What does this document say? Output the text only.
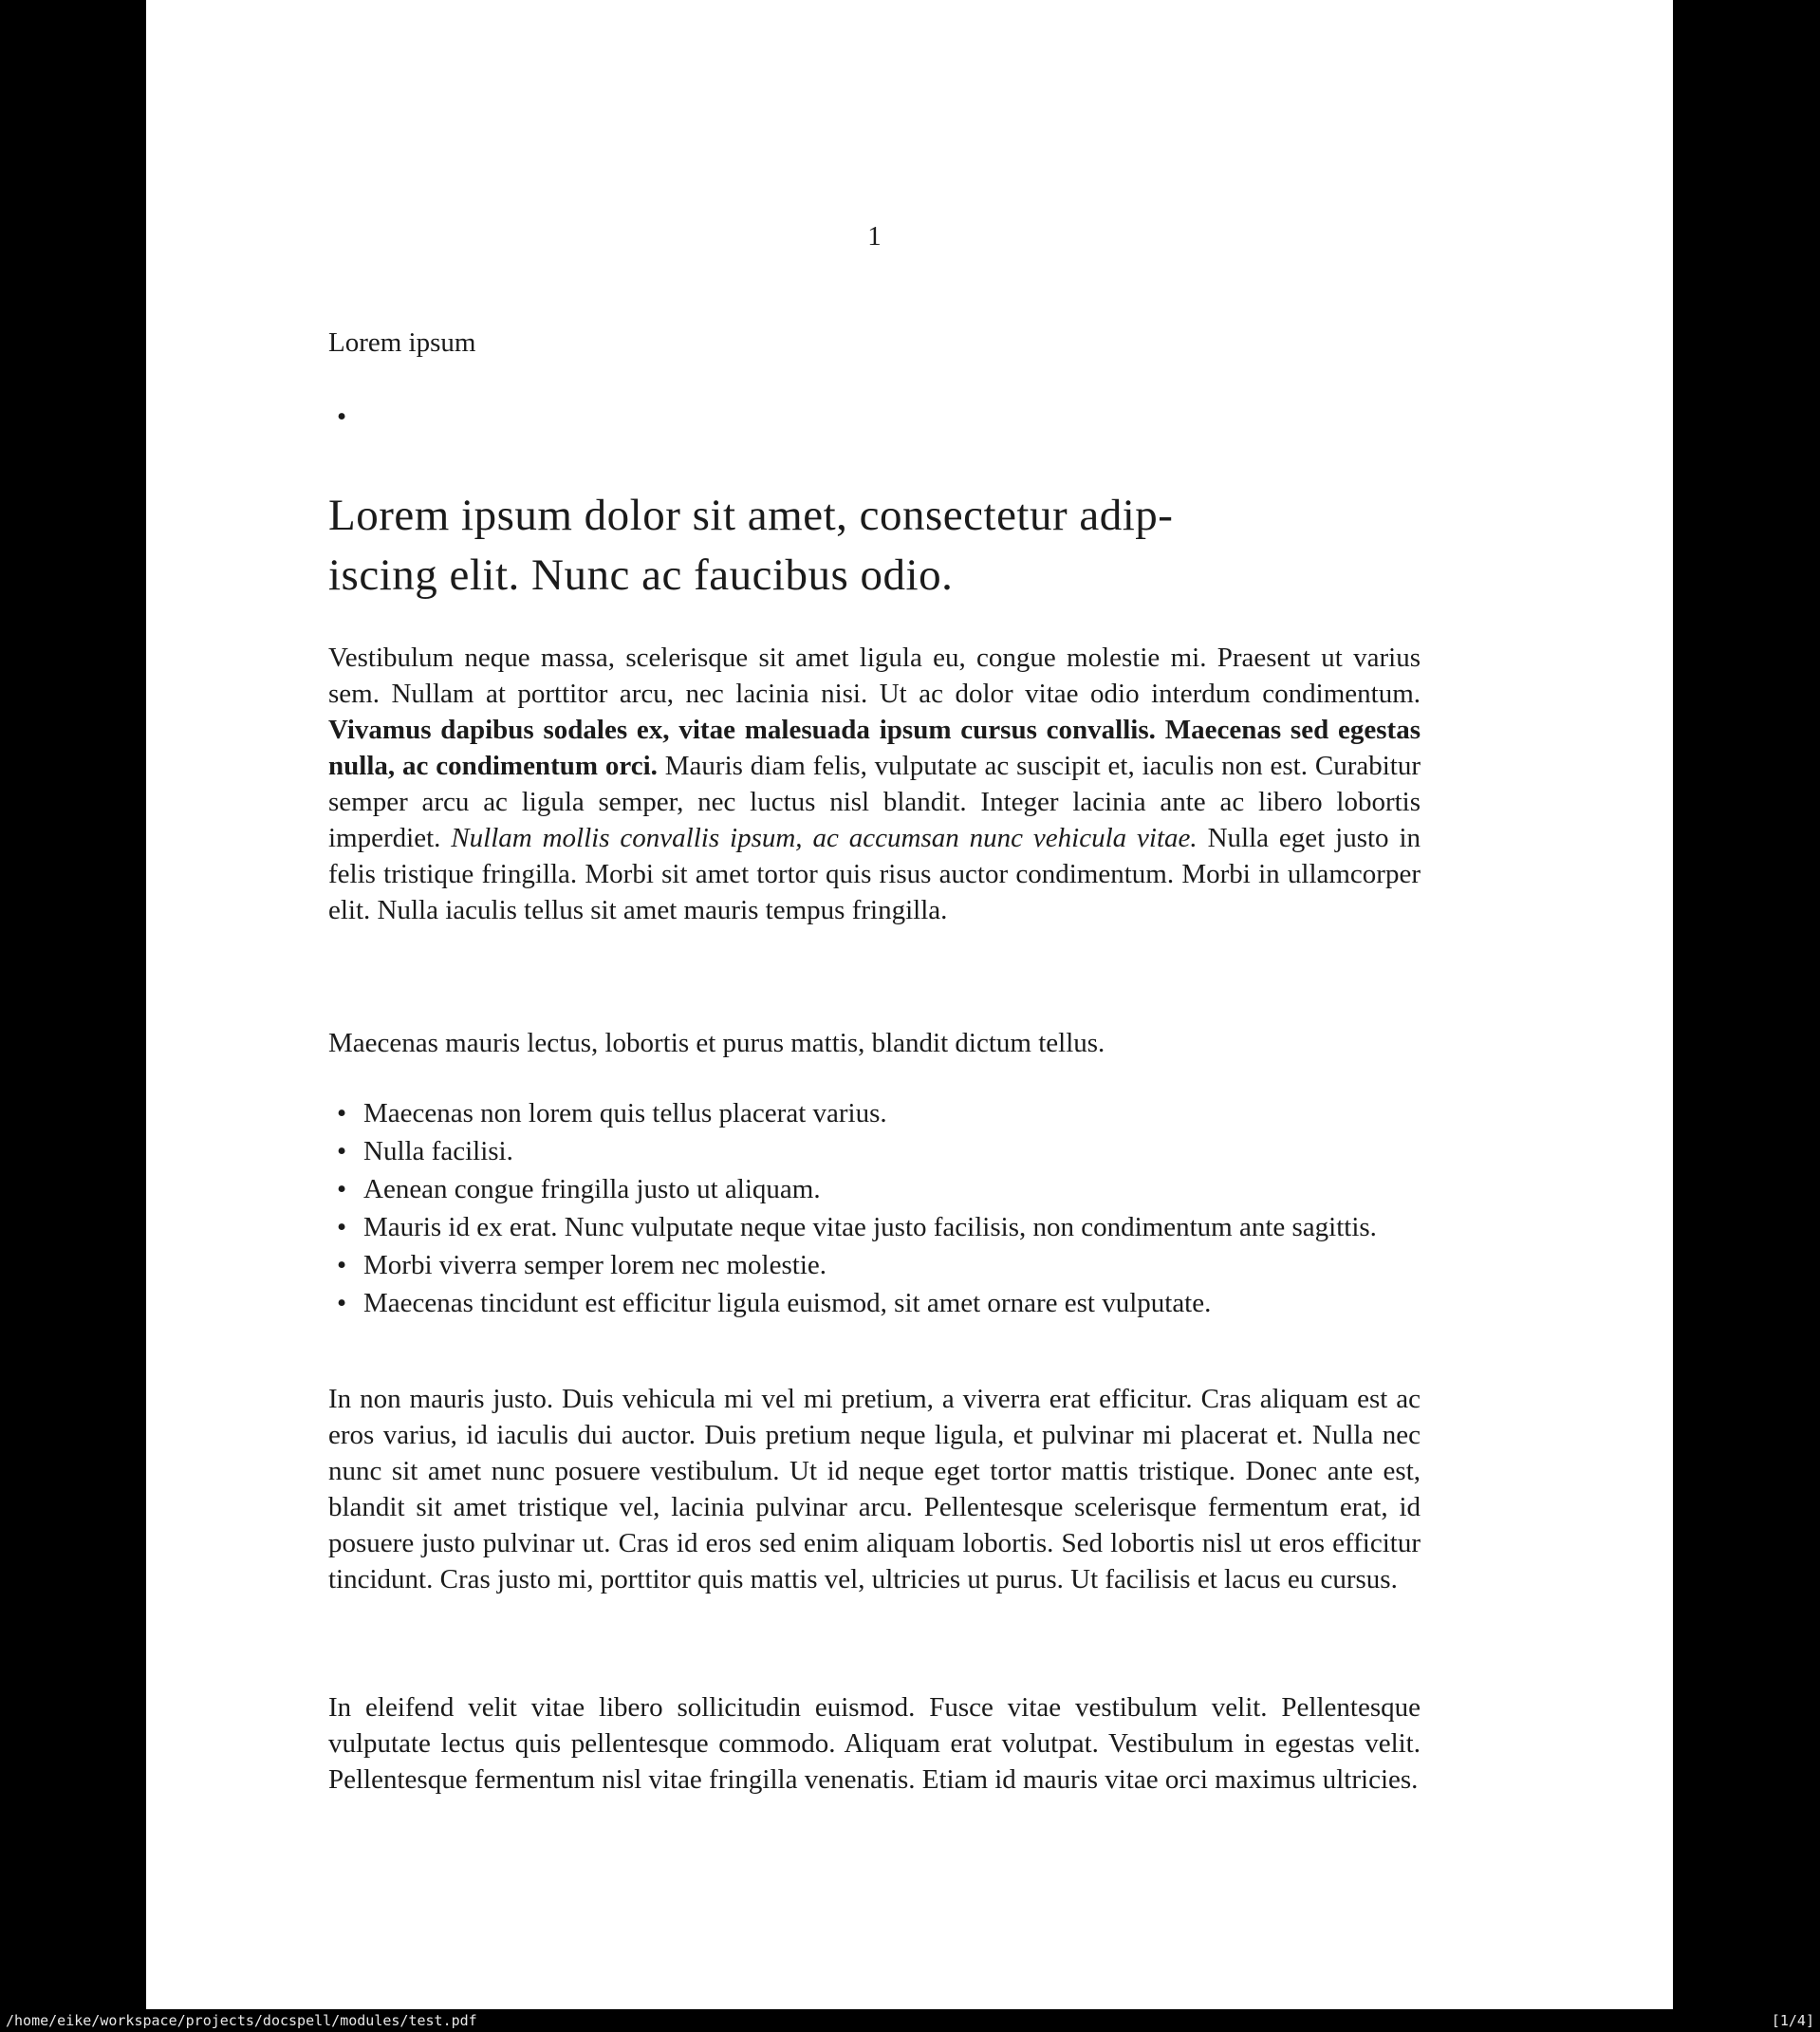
1
Lorem ipsum
•
Lorem ipsum dolor sit amet, consectetur adip-
iscing elit. Nunc ac faucibus odio.

Vestibulum neque massa, scelerisque sit amet ligula eu, congue molestie mi. Praesent ut varius sem. Nullam at porttitor arcu, nec lacinia nisi. Ut ac dolor vitae odio interdum condimentum. Vivamus dapibus sodales ex, vitae malesuada ipsum cursus convallis. Maecenas sed egestas nulla, ac condimentum orci. Mauris diam felis, vulputate ac suscipit et, iaculis non est. Curabitur semper arcu ac ligula semper, nec luctus nisl blandit. Integer lacinia ante ac libero lobortis imperdiet. Nullam mollis convallis ipsum, ac accumsan nunc vehicula vitae. Nulla eget justo in felis tristique fringilla. Morbi sit amet tortor quis risus auctor condimentum. Morbi in ullamcorper elit. Nulla iaculis tellus sit amet mauris tempus fringilla.

Maecenas mauris lectus, lobortis et purus mattis, blandit dictum tellus.

• Maecenas non lorem quis tellus placerat varius.
• Nulla facilisi.
• Aenean congue fringilla justo ut aliquam.
• Mauris id ex erat. Nunc vulputate neque vitae justo facilisis, non condimentum ante sagittis.
• Morbi viverra semper lorem nec molestie.
• Maecenas tincidunt est efficitur ligula euismod, sit amet ornare est vulputate.

In non mauris justo. Duis vehicula mi vel mi pretium, a viverra erat efficitur. Cras aliquam est ac eros varius, id iaculis dui auctor. Duis pretium neque ligula, et pulvinar mi placerat et. Nulla nec nunc sit amet nunc posuere vestibulum. Ut id neque eget tortor mattis tristique. Donec ante est, blandit sit amet tristique vel, lacinia pulvinar arcu. Pellentesque scelerisque fermentum erat, id posuere justo pulvinar ut. Cras id eros sed enim aliquam lobortis. Sed lobortis nisl ut eros efficitur tincidunt. Cras justo mi, porttitor quis mattis vel, ultricies ut purus. Ut facilisis et lacus eu cursus.

In eleifend velit vitae libero sollicitudin euismod. Fusce vitae vestibulum velit. Pellentesque vulputate lectus quis pellentesque commodo. Aliquam erat volutpat. Vestibulum in egestas velit. Pellentesque fermentum nisl vitae fringilla venenatis. Etiam id mauris vitae orci maximus ultricies.

/home/eike/workspace/projects/docspell/modules/test.pdf	[1/4]
